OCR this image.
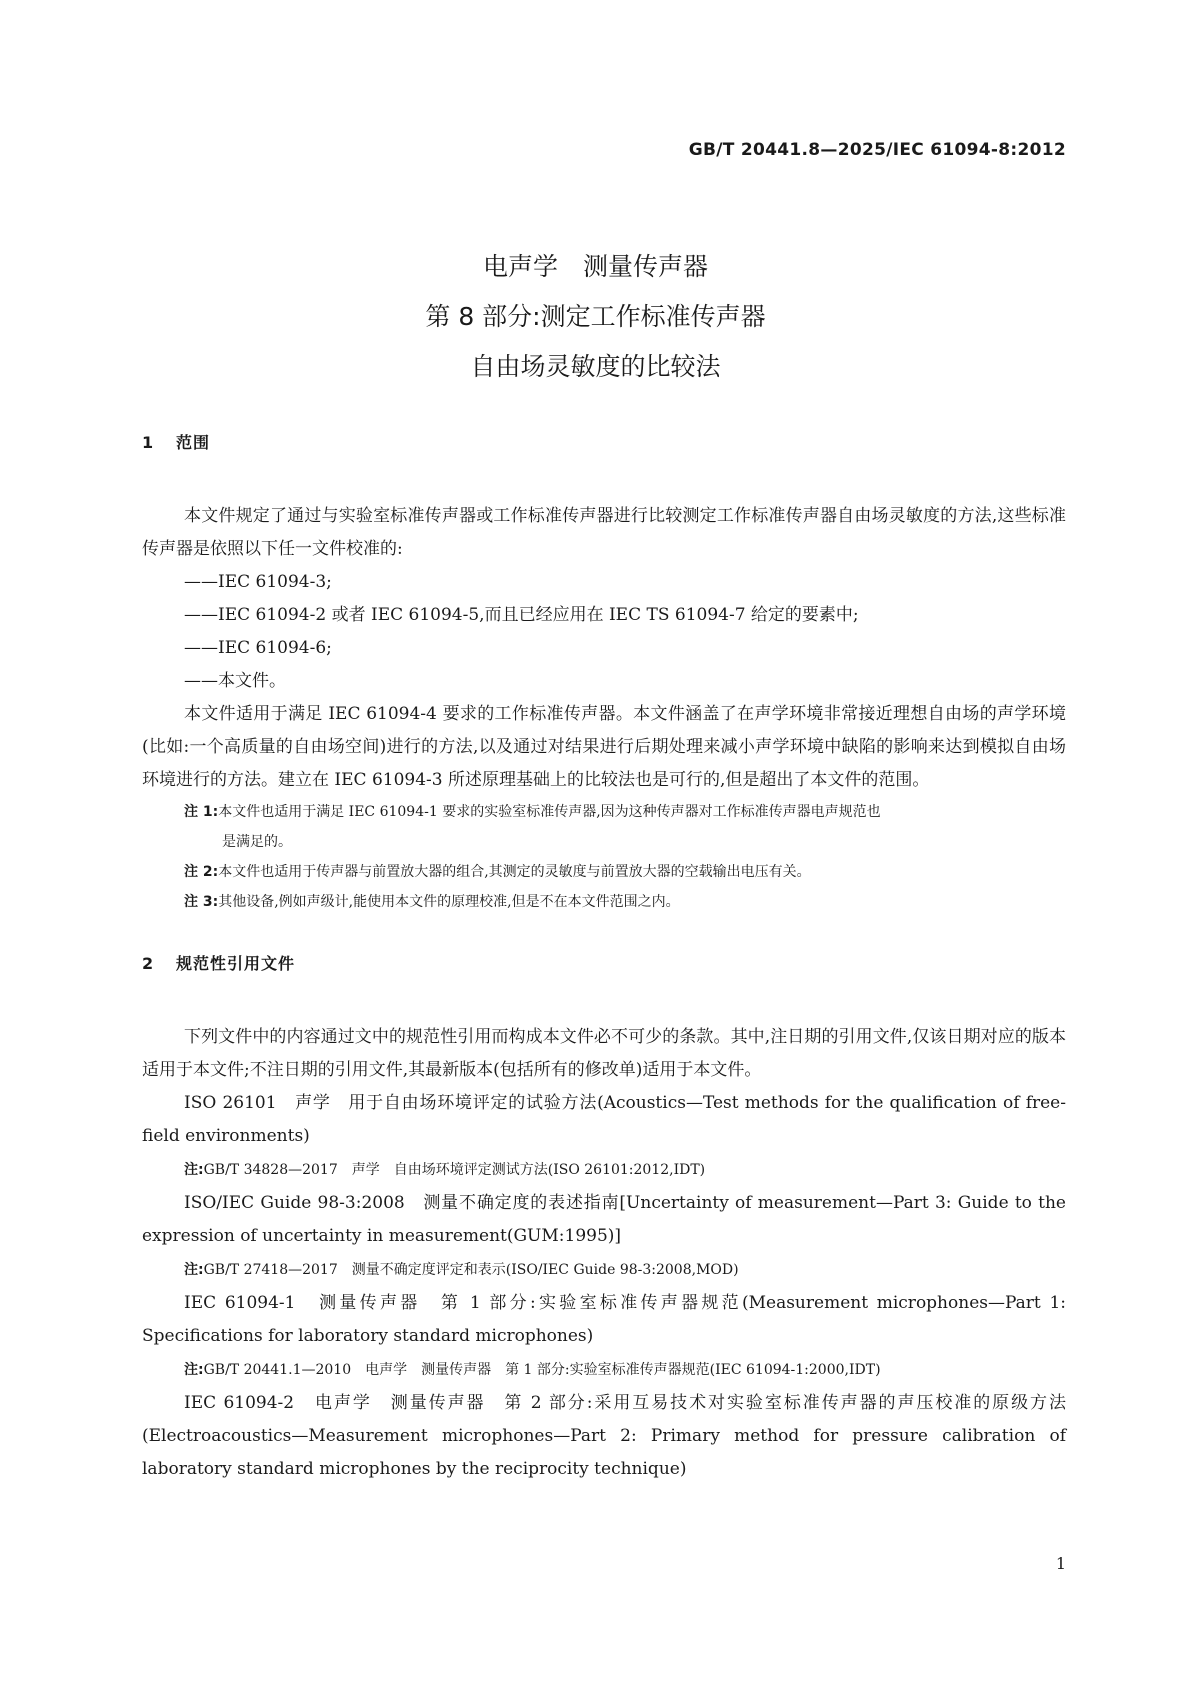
GB/T 20441.8—2025/IEC 61094-8:2012
电声学　测量传声器
第 8 部分:测定工作标准传声器
自由场灵敏度的比较法
1 范围

本文件规定了通过与实验室标准传声器或工作标准传声器进行比较测定工作标准传声器自由场灵敏度的方法,这些标准传声器是依照以下任一文件校准的:

——IEC 61094-3;
——IEC 61094-2 或者 IEC 61094-5,而且已经应用在 IEC TS 61094-7 给定的要素中;
——IEC 61094-6;
——本文件。

本文件适用于满足 IEC 61094-4 要求的工作标准传声器。本文件涵盖了在声学环境非常接近理想自由场的声学环境(比如:一个高质量的自由场空间)进行的方法,以及通过对结果进行后期处理来减小声学环境中缺陷的影响来达到模拟自由场环境进行的方法。建立在 IEC 61094-3 所述原理基础上的比较法也是可行的,但是超出了本文件的范围。

注 1:本文件也适用于满足 IEC 61094-1 要求的实验室标准传声器,因为这种传声器对工作标准传声器电声规范也
是满足的。
注 2:本文件也适用于传声器与前置放大器的组合,其测定的灵敏度与前置放大器的空载输出电压有关。
注 3:其他设备,例如声级计,能使用本文件的原理校准,但是不在本文件范围之内。
2 规范性引用文件

下列文件中的内容通过文中的规范性引用而构成本文件必不可少的条款。其中,注日期的引用文件,仅该日期对应的版本适用于本文件;不注日期的引用文件,其最新版本(包括所有的修改单)适用于本文件。

ISO 26101　声学　用于自由场环境评定的试验方法(Acoustics—Test methods for the qualification of free-field environments)

注:GB/T 34828—2017　声学　自由场环境评定测试方法(ISO 26101:2012,IDT)

ISO/IEC Guide 98-3:2008　测量不确定度的表述指南[Uncertainty of measurement—Part 3: Guide to the expression of uncertainty in measurement(GUM:1995)]

注:GB/T 27418—2017　测量不确定度评定和表示(ISO/IEC Guide 98-3:2008,MOD)

IEC 61094-1　测量传声器　第 1 部分:实验室标准传声器规范(Measurement microphones—Part 1: Specifications for laboratory standard microphones)

注:GB/T 20441.1—2010　电声学　测量传声器　第 1 部分:实验室标准传声器规范(IEC 61094-1:2000,IDT)

IEC 61094-2　电声学　测量传声器　第 2 部分:采用互易技术对实验室标准传声器的声压校准的原级方法(Electroacoustics—Measurement microphones—Part 2: Primary method for pressure calibration of laboratory standard microphones by the reciprocity technique)

1
